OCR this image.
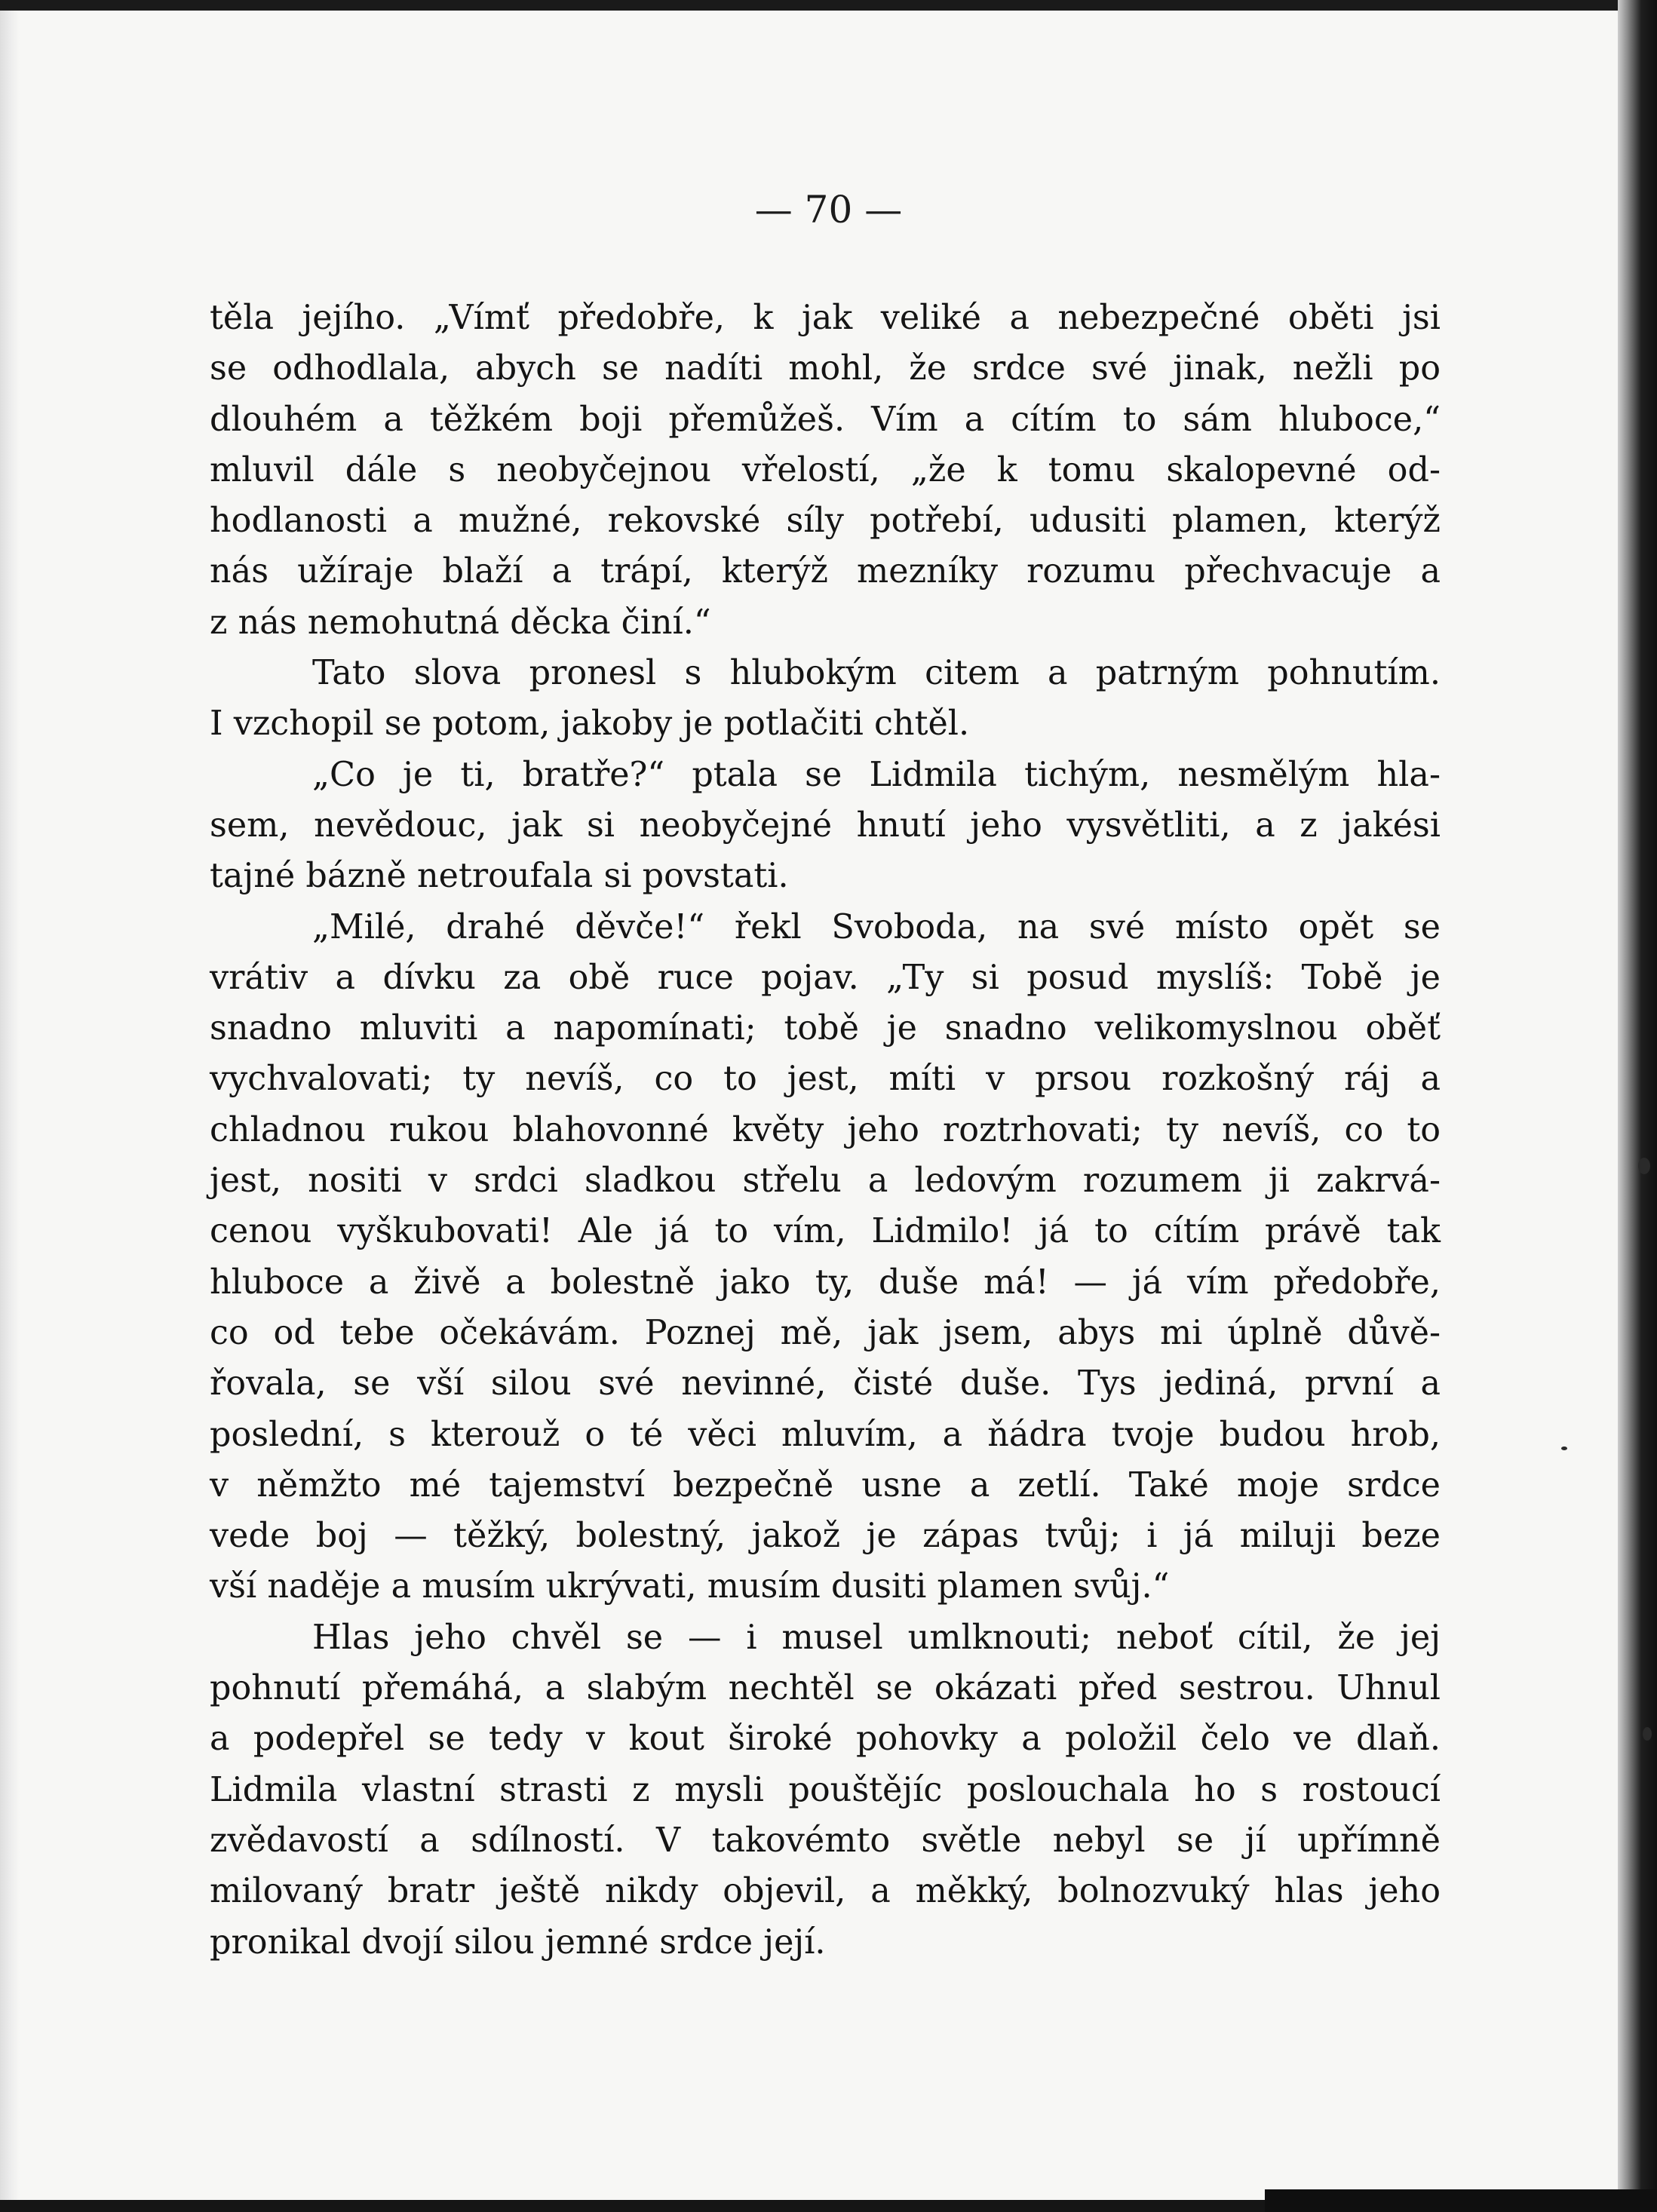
— 70 —
těla jejího. „Vímť předobře, k jak veliké a nebezpečné oběti jsi
se odhodlala, abych se nadíti mohl, že srdce své jinak, nežli po
dlouhém a těžkém boji přemůžeš. Vím a cítím to sám hluboce,“
mluvil dále s neobyčejnou vřelostí, „že k tomu skalopevné od-
hodlanosti a mužné, rekovské síly potřebí, udusiti plamen, kterýž
nás užíraje blaží a trápí, kterýž mezníky rozumu přechvacuje a
z nás nemohutná děcka činí.“
Tato slova pronesl s hlubokým citem a patrným pohnutím.
I vzchopil se potom, jakoby je potlačiti chtěl.
„Co je ti, bratře?“ ptala se Lidmila tichým, nesmělým hla-
sem, nevědouc, jak si neobyčejné hnutí jeho vysvětliti, a z jakési
tajné bázně netroufala si povstati.
„Milé, drahé děvče!“ řekl Svoboda, na své místo opět se
vrátiv a dívku za obě ruce pojav. „Ty si posud myslíš: Tobě je
snadno mluviti a napomínati; tobě je snadno velikomyslnou oběť
vychvalovati; ty nevíš, co to jest, míti v prsou rozkošný ráj a
chladnou rukou blahovonné květy jeho roztrhovati; ty nevíš, co to
jest, nositi v srdci sladkou střelu a ledovým rozumem ji zakrvá-
cenou vyškubovati! Ale já to vím, Lidmilo! já to cítím právě tak
hluboce a živě a bolestně jako ty, duše má! — já vím předobře,
co od tebe očekávám. Poznej mě, jak jsem, abys mi úplně důvě-
řovala, se vší silou své nevinné, čisté duše. Tys jediná, první a
poslední, s kterouž o té věci mluvím, a ňádra tvoje budou hrob,
v němžto mé tajemství bezpečně usne a zetlí. Také moje srdce
vede boj — těžký, bolestný, jakož je zápas tvůj; i já miluji beze
vší naděje a musím ukrývati, musím dusiti plamen svůj.“
Hlas jeho chvěl se — i musel umlknouti; neboť cítil, že jej
pohnutí přemáhá, a slabým nechtěl se okázati před sestrou. Uhnul
a podepřel se tedy v kout široké pohovky a položil čelo ve dlaň.
Lidmila vlastní strasti z mysli pouštějíc poslouchala ho s rostoucí
zvědavostí a sdílností. V takovémto světle nebyl se jí upřímně
milovaný bratr ještě nikdy objevil, a měkký, bolnozvuký hlas jeho
pronikal dvojí silou jemné srdce její.
